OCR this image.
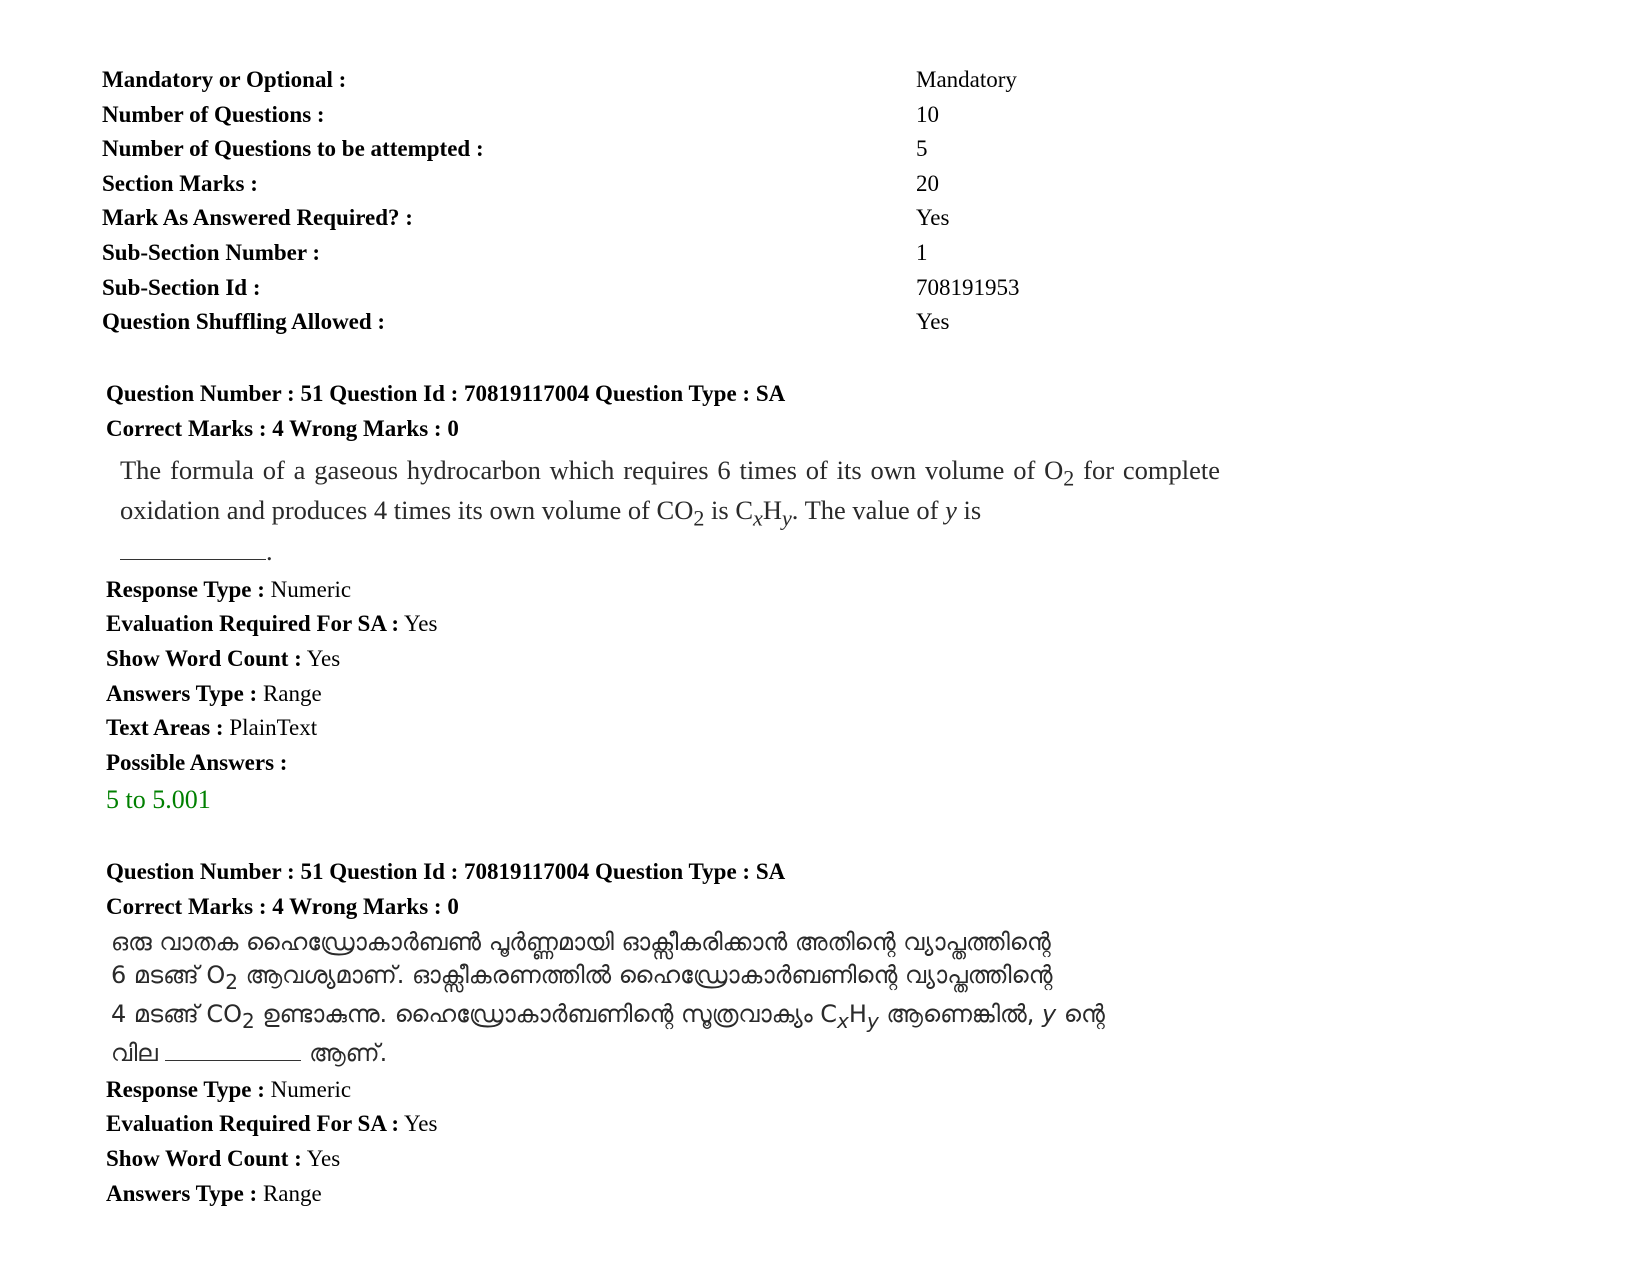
Mandatory or Optional :	Mandatory
Number of Questions :	10
Number of Questions to be attempted :	5
Section Marks :	20
Mark As Answered Required? :	Yes
Sub-Section Number :	1
Sub-Section Id :	708191953
Question Shuffling Allowed :	Yes
Question Number : 51 Question Id : 70819117004 Question Type : SA
Correct Marks : 4 Wrong Marks : 0
The formula of a gaseous hydrocarbon which requires 6 times of its own volume of $O_2$ for complete oxidation and produces 4 times its own volume of $CO_2$ is $C_xH_y$. The value of y is
.
Response Type : Numeric
Evaluation Required For SA : Yes
Show Word Count : Yes
Answers Type : Range
Text Areas : PlainText
Possible Answers :
5 to 5.001
Question Number : 51 Question Id : 70819117004 Question Type : SA
Correct Marks : 4 Wrong Marks : 0
ഒരു വാതക ഹൈഡ്രോകാർബൺ പൂർണ്ണമായി ഓക്സീകരിക്കാൻ അതിന്റെ വ്യാപ്തത്തിന്റെ
6 മടങ്ങ് $O_2$ ആവശ്യമാണ്. ഓക്സീകരണത്തിൽ ഹൈഡ്രോകാർബണിന്റെ വ്യാപ്തത്തിന്റെ
4 മടങ്ങ് $CO_2$ ഉണ്ടാകുന്നു. ഹൈഡ്രോകാർബണിന്റെ സൂത്രവാക്യം $C_xH_y$ ആണെങ്കിൽ, y ന്റെ
വില	ആണ്.
Response Type : Numeric
Evaluation Required For SA : Yes
Show Word Count : Yes
Answers Type : Range
